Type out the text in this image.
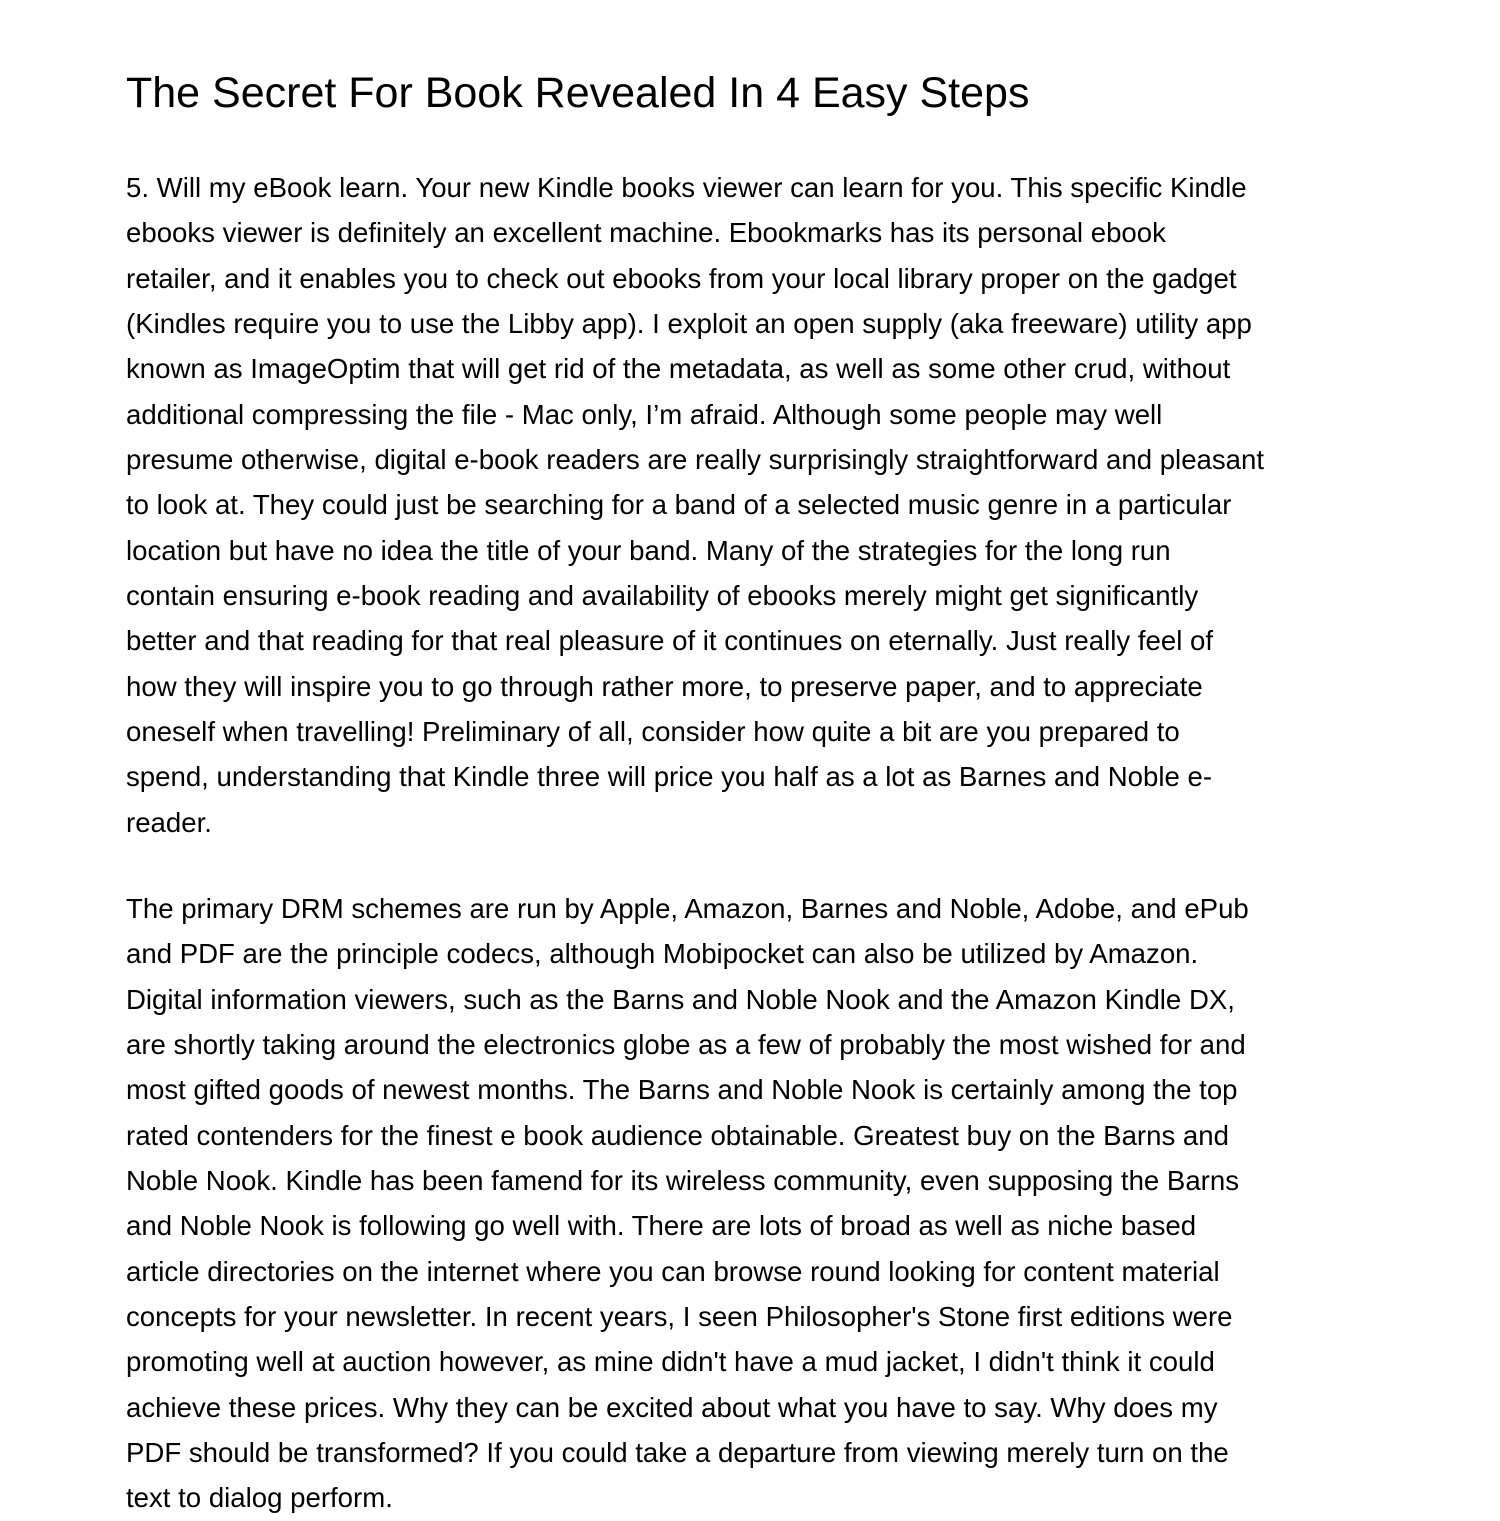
The Secret For Book Revealed In 4 Easy Steps

5. Will my eBook learn. Your new Kindle books viewer can learn for you. This specific Kindle
ebooks viewer is definitely an excellent machine. Ebookmarks has its personal ebook
retailer, and it enables you to check out ebooks from your local library proper on the gadget
(Kindles require you to use the Libby app). I exploit an open supply (aka freeware) utility app
known as ImageOptim that will get rid of the metadata, as well as some other crud, without
additional compressing the file - Mac only, I’m afraid. Although some people may well
presume otherwise, digital e-book readers are really surprisingly straightforward and pleasant
to look at. They could just be searching for a band of a selected music genre in a particular
location but have no idea the title of your band. Many of the strategies for the long run
contain ensuring e-book reading and availability of ebooks merely might get significantly
better and that reading for that real pleasure of it continues on eternally. Just really feel of
how they will inspire you to go through rather more, to preserve paper, and to appreciate
oneself when travelling! Preliminary of all, consider how quite a bit are you prepared to
spend, understanding that Kindle three will price you half as a lot as Barnes and Noble e-
reader.

The primary DRM schemes are run by Apple, Amazon, Barnes and Noble, Adobe, and ePub
and PDF are the principle codecs, although Mobipocket can also be utilized by Amazon.
Digital information viewers, such as the Barns and Noble Nook and the Amazon Kindle DX,
are shortly taking around the electronics globe as a few of probably the most wished for and
most gifted goods of newest months. The Barns and Noble Nook is certainly among the top
rated contenders for the finest e book audience obtainable. Greatest buy on the Barns and
Noble Nook. Kindle has been famend for its wireless community, even supposing the Barns
and Noble Nook is following go well with. There are lots of broad as well as niche based
article directories on the internet where you can browse round looking for content material
concepts for your newsletter. In recent years, I seen Philosopher's Stone first editions were
promoting well at auction however, as mine didn't have a mud jacket, I didn't think it could
achieve these prices. Why they can be excited about what you have to say. Why does my
PDF should be transformed? If you could take a departure from viewing merely turn on the
text to dialog perform.
